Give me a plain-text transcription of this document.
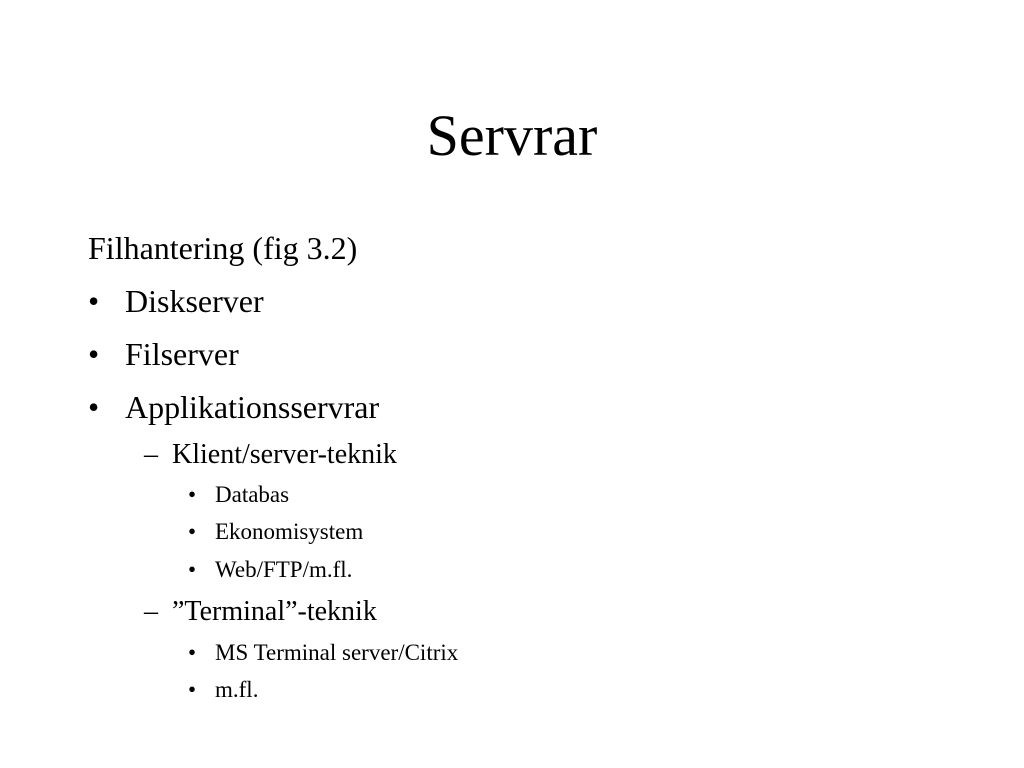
Servrar
Filhantering (fig 3.2)
• Diskserver
• Filserver
• Applikationsservrar
– Klient/server-teknik
• Databas
• Ekonomisystem
• Web/FTP/m.fl.
– ”Terminal”-teknik
• MS Terminal server/Citrix
• m.fl.
